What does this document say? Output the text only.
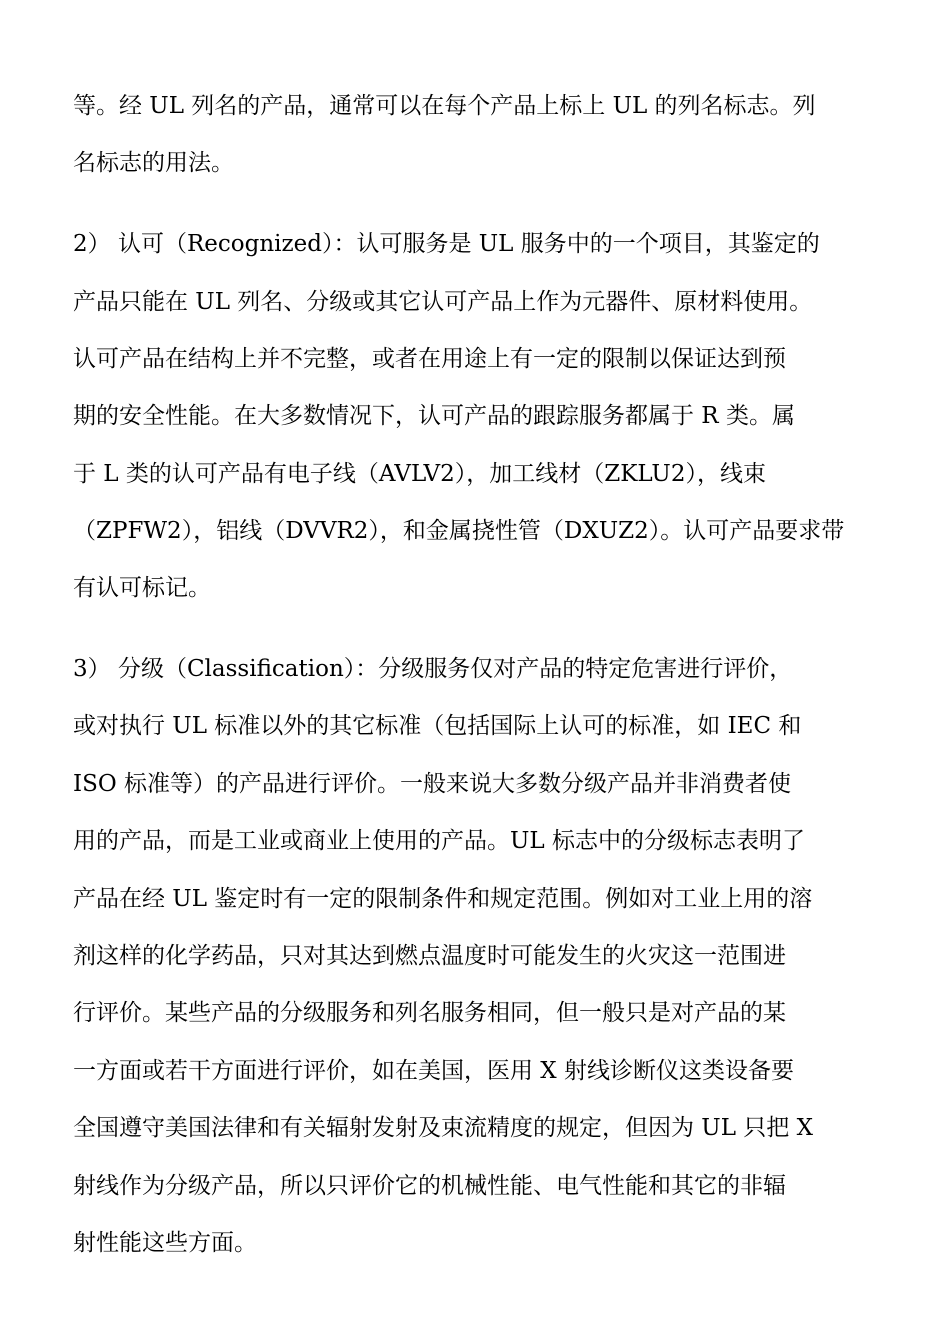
等。经 UL 列名的产品，通常可以在每个产品上标上 UL 的列名标志。列
名标志的用法。
2） 认可（Recognized）：认可服务是 UL 服务中的一个项目，其鉴定的
产品只能在 UL 列名、分级或其它认可产品上作为元器件、原材料使用。
认可产品在结构上并不完整，或者在用途上有一定的限制以保证达到预
期的安全性能。在大多数情况下，认可产品的跟踪服务都属于 R 类。属
于 L 类的认可产品有电子线（AVLV2），加工线材（ZKLU2），线束
（ZPFW2），铝线（DVVR2），和金属挠性管（DXUZ2）。认可产品要求带
有认可标记。
3） 分级（Classification）：分级服务仅对产品的特定危害进行评价，
或对执行 UL 标准以外的其它标准（包括国际上认可的标准，如 IEC 和
ISO 标准等）的产品进行评价。一般来说大多数分级产品并非消费者使
用的产品，而是工业或商业上使用的产品。UL 标志中的分级标志表明了
产品在经 UL 鉴定时有一定的限制条件和规定范围。例如对工业上用的溶
剂这样的化学药品，只对其达到燃点温度时可能发生的火灾这一范围进
行评价。某些产品的分级服务和列名服务相同，但一般只是对产品的某
一方面或若干方面进行评价，如在美国，医用 X 射线诊断仪这类设备要
全国遵守美国法律和有关辐射发射及束流精度的规定，但因为 UL 只把 X
射线作为分级产品，所以只评价它的机械性能、电气性能和其它的非辐
射性能这些方面。
